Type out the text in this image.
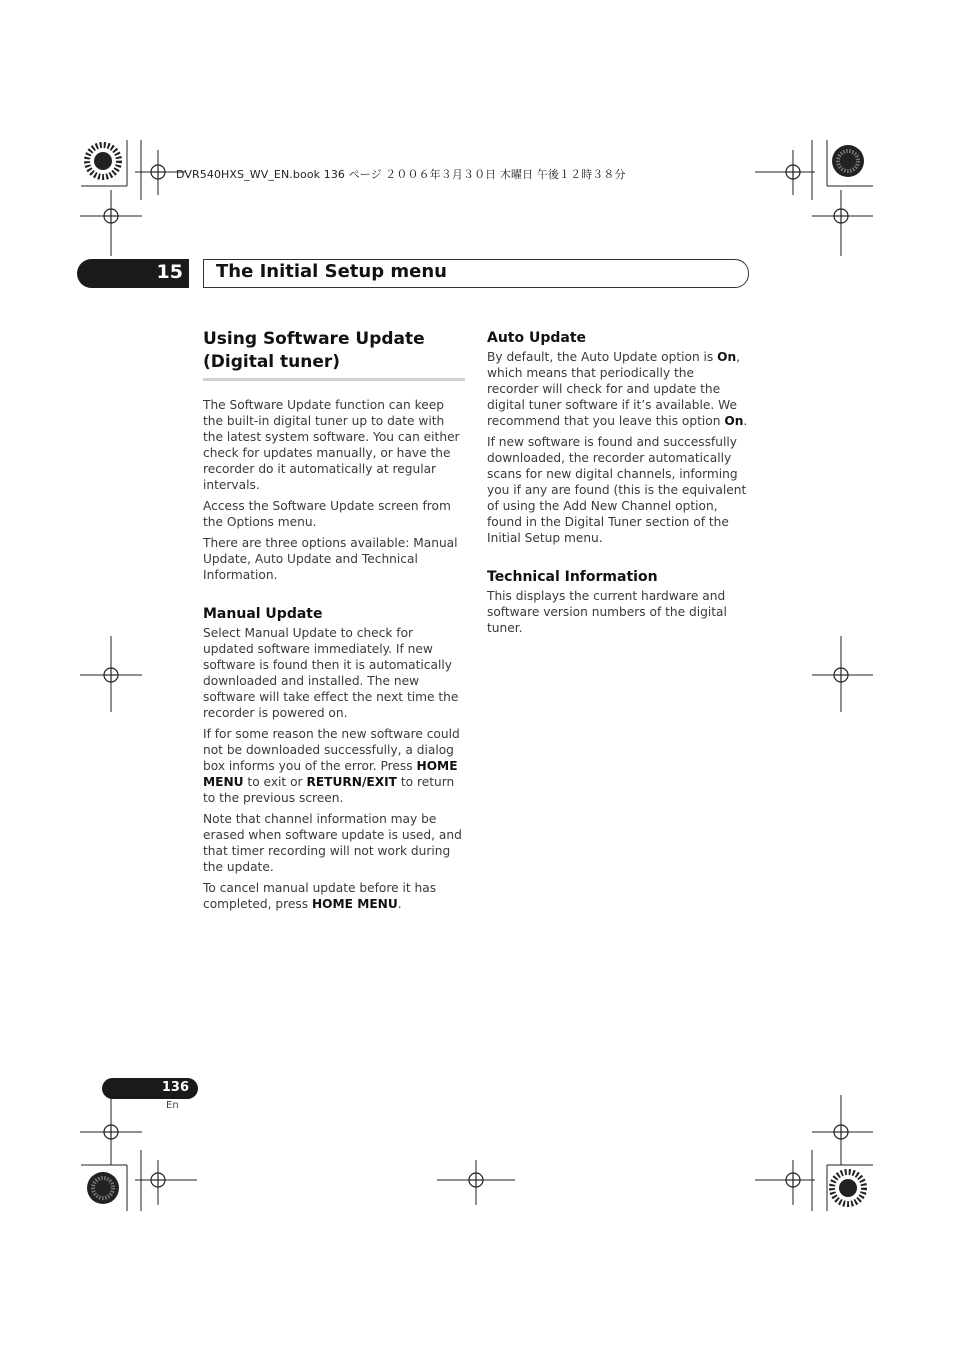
DVR540HXS_WV_EN.book 136 ページ ２００６年３月３０日 木曜日 午後１２時３８分
15 The Initial Setup menu
Using Software Update
(Digital tuner)

The Software Update function can keep the built-in digital tuner up to date with the latest system software. You can either check for updates manually, or have the recorder do it automatically at regular intervals.

Access the Software Update screen from the Options menu.

There are three options available: Manual Update, Auto Update and Technical Information.

Manual Update

Select Manual Update to check for updated software immediately. If new software is found then it is automatically downloaded and installed. The new software will take effect the next time the recorder is powered on.

If for some reason the new software could not be downloaded successfully, a dialog box informs you of the error. Press HOME MENU to exit or RETURN/EXIT to return to the previous screen.

Note that channel information may be erased when software update is used, and that timer recording will not work during the update.

To cancel manual update before it has completed, press HOME MENU.

Auto Update

By default, the Auto Update option is On, which means that periodically the recorder will check for and update the digital tuner software if it’s available. We recommend that you leave this option On.

If new software is found and successfully downloaded, the recorder automatically scans for new digital channels, informing you if any are found (this is the equivalent of using the Add New Channel option, found in the Digital Tuner section of the Initial Setup menu.

Technical Information

This displays the current hardware and software version numbers of the digital tuner.

136
En
